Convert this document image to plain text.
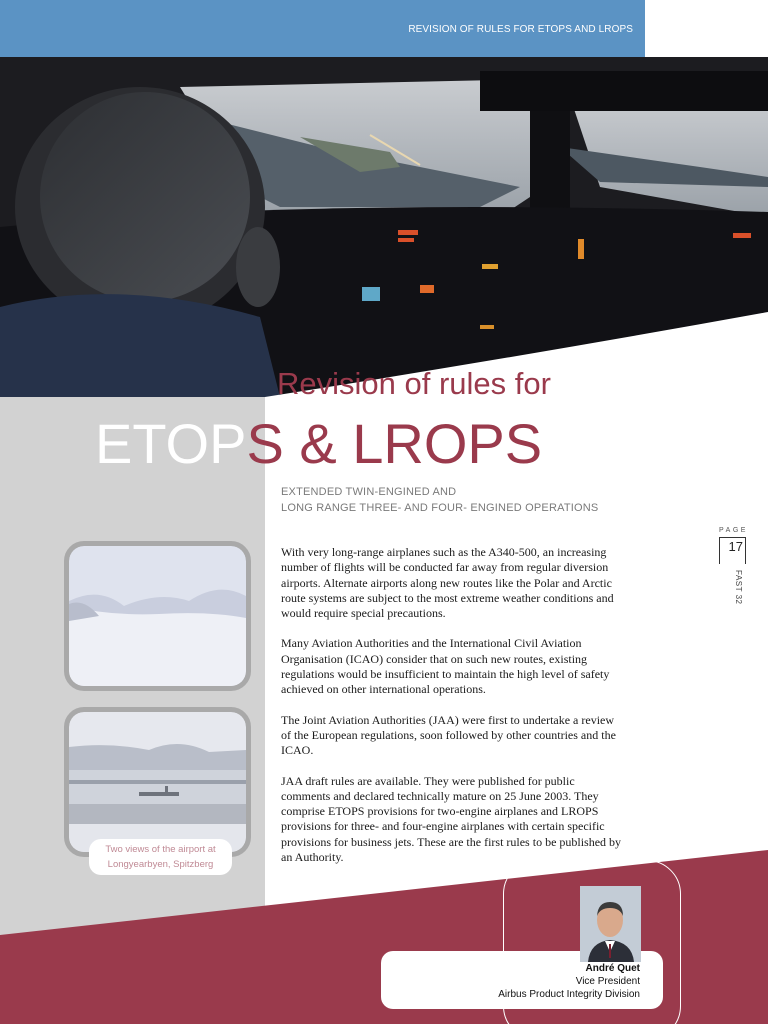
REVISION OF RULES FOR ETOPS AND LROPS
Revision of rules for
ETOPS & LROPS
EXTENDED TWIN-ENGINED AND
LONG RANGE THREE- AND FOUR- ENGINED OPERATIONS
PAGE
17
FAST 32

With very long-range airplanes such as the A340-500, an increasing number of flights will be conducted far away from regular diversion airports. Alternate airports along new routes like the Polar and Arctic route systems are subject to the most extreme weather conditions and would require special precautions.

Many Aviation Authorities and the International Civil Aviation Organisation (ICAO) consider that on such new routes, existing regulations would be insufficient to maintain the high level of safety achieved on other international operations.

The Joint Aviation Authorities (JAA) were first to undertake a review of the European regulations, soon followed by other countries and the ICAO.

JAA draft rules are available. They were published for public comments and declared technically mature on 25 June 2003. They comprise ETOPS provisions for two-engine airplanes and LROPS provisions for three- and four-engine airplanes with certain specific provisions for business jets. These are the first rules to be published by an Authority.

Two views of the airport at
Longyearbyen, Spitzberg
André Quet
Vice President
Airbus Product Integrity Division
